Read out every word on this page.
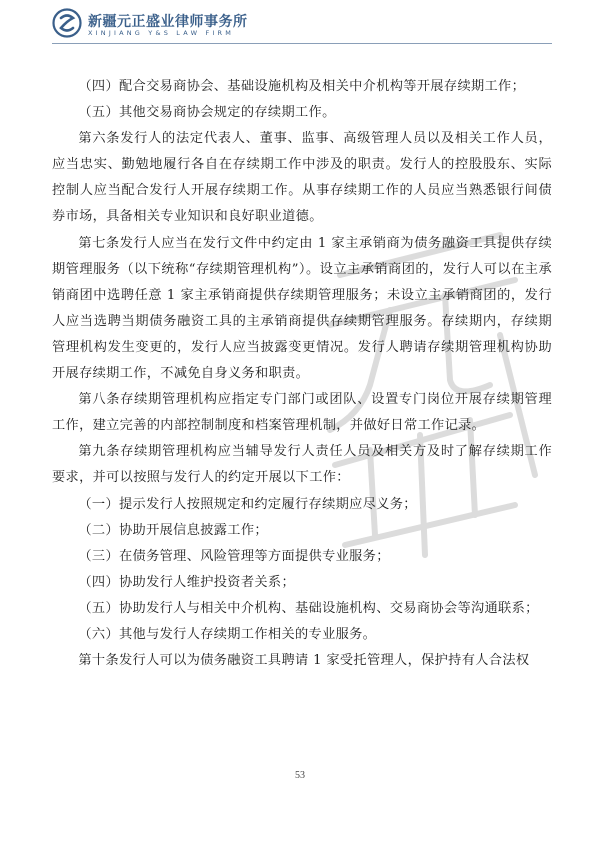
新疆元正盛业律师事务所
XINJIANG Y&S LAW FIRM

（四）配合交易商协会、基础设施机构及相关中介机构等开展存续期工作；

（五）其他交易商协会规定的存续期工作。

第六条发行人的法定代表人、董事、监事、高级管理人员以及相关工作人员，应当忠实、勤勉地履行各自在存续期工作中涉及的职责。发行人的控股股东、实际控制人应当配合发行人开展存续期工作。从事存续期工作的人员应当熟悉银行间债券市场，具备相关专业知识和良好职业道德。

第七条发行人应当在发行文件中约定由 1 家主承销商为债务融资工具提供存续期管理服务（以下统称“存续期管理机构”）。设立主承销商团的，发行人可以在主承销商团中选聘任意 1 家主承销商提供存续期管理服务；未设立主承销商团的，发行人应当选聘当期债务融资工具的主承销商提供存续期管理服务。存续期内，存续期管理机构发生变更的，发行人应当披露变更情况。发行人聘请存续期管理机构协助开展存续期工作，不减免自身义务和职责。

第八条存续期管理机构应指定专门部门或团队、设置专门岗位开展存续期管理工作，建立完善的内部控制制度和档案管理机制，并做好日常工作记录。

第九条存续期管理机构应当辅导发行人责任人员及相关方及时了解存续期工作要求，并可以按照与发行人的约定开展以下工作：

（一）提示发行人按照规定和约定履行存续期应尽义务；

（二）协助开展信息披露工作；

（三）在债务管理、风险管理等方面提供专业服务；

（四）协助发行人维护投资者关系；

（五）协助发行人与相关中介机构、基础设施机构、交易商协会等沟通联系；

（六）其他与发行人存续期工作相关的专业服务。

第十条发行人可以为债务融资工具聘请 1 家受托管理人，保护持有人合法权

53
